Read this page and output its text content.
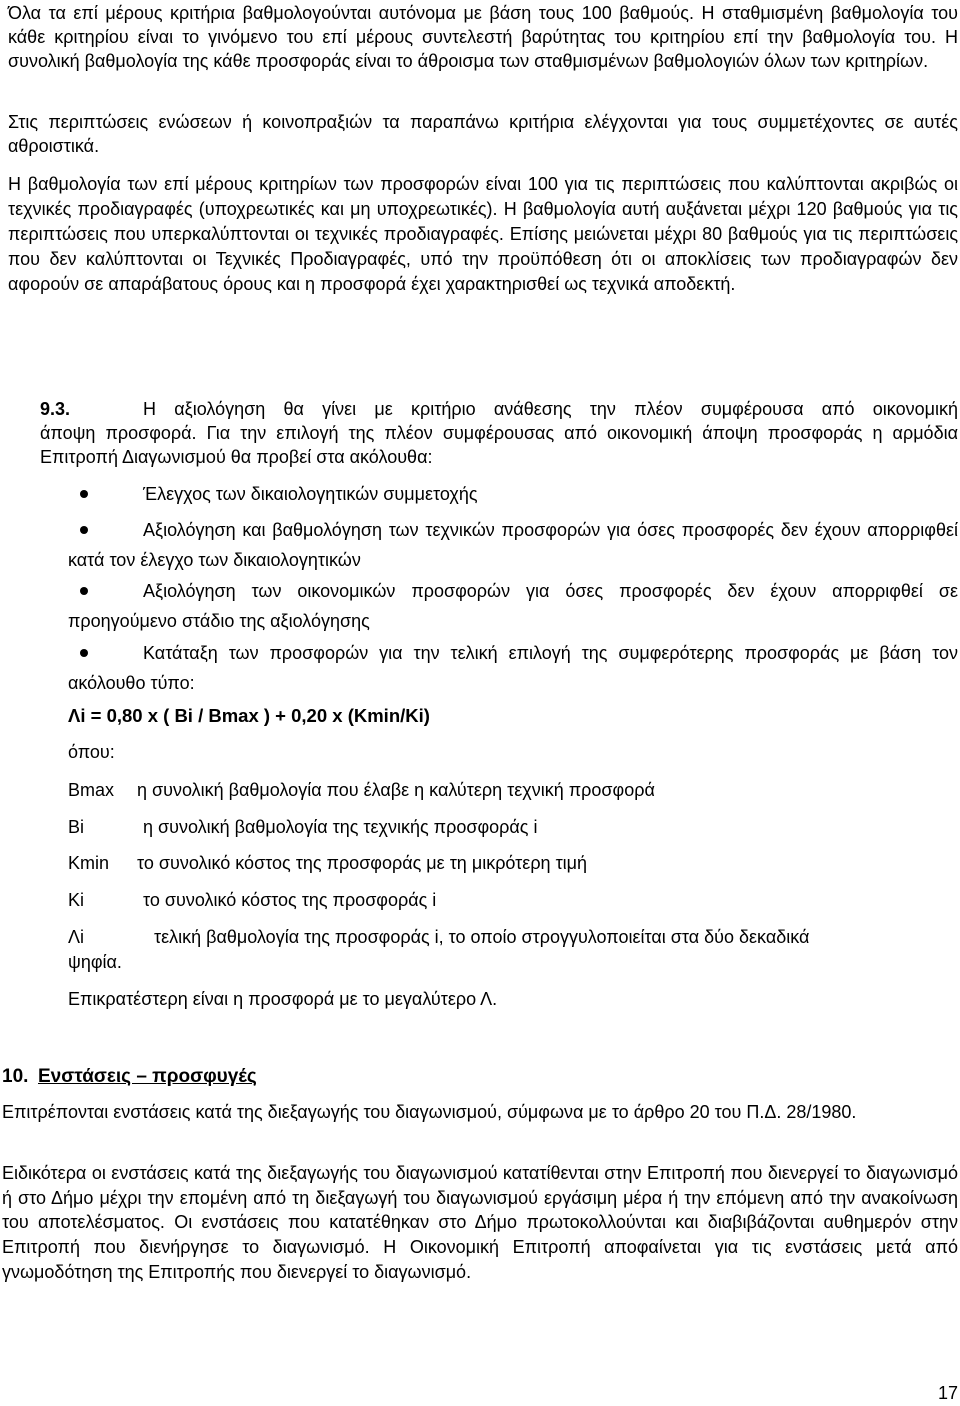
Όλα τα επί μέρους κριτήρια βαθμολογούνται αυτόνομα με βάση τους 100 βαθμούς. Η σταθμισμένη βαθμολογία του κάθε κριτηρίου είναι το γινόμενο του επί μέρους συντελεστή βαρύτητας του κριτηρίου επί την βαθμολογία του. Η συνολική βαθμολογία της κάθε προσφοράς είναι το άθροισμα των σταθμισμένων βαθμολογιών όλων των κριτηρίων.

Στις περιπτώσεις ενώσεων ή κοινοπραξιών τα παραπάνω κριτήρια ελέγχονται για τους συμμετέχοντες σε αυτές αθροιστικά.

Η βαθμολογία των επί μέρους κριτηρίων των προσφορών είναι 100 για τις περιπτώσεις που καλύπτονται ακριβώς οι τεχνικές προδιαγραφές (υποχρεωτικές και μη υποχρεωτικές). Η βαθμολογία αυτή αυξάνεται μέχρι 120 βαθμούς για τις περιπτώσεις που υπερκαλύπτονται οι τεχνικές προδιαγραφές. Επίσης μειώνεται μέχρι 80 βαθμούς για τις περιπτώσεις που δεν καλύπτονται οι Τεχνικές Προδιαγραφές, υπό την προϋπόθεση ότι οι αποκλίσεις των προδιαγραφών δεν αφορούν σε απαράβατους όρους και η προσφορά έχει χαρακτηρισθεί ως τεχνικά αποδεκτή.

9.3.	Η αξιολόγηση θα γίνει με κριτήριο ανάθεσης την πλέον συμφέρουσα από οικονομική

άποψη προσφορά. Για την επιλογή της πλέον συμφέρουσας από οικονομική άποψη προσφοράς η αρμόδια Επιτροπή Διαγωνισμού θα προβεί στα ακόλουθα:

Έλεγχος των δικαιολογητικών συμμετοχής

Αξιολόγηση και βαθμολόγηση των τεχνικών προσφορών για όσες προσφορές δεν έχουν απορριφθεί κατά τον έλεγχο των δικαιολογητικών

Αξιολόγηση των οικονομικών προσφορών για όσες προσφορές δεν έχουν απορριφθεί σε προηγούμενο στάδιο της αξιολόγησης

Κατάταξη των προσφορών για την τελική επιλογή της συμφερότερης προσφοράς με βάση τον ακόλουθο τύπο:

Λi = 0,80 x ( Bi / Bmax ) + 0,20 x (Kmin/Ki)
όπου:
Bmax η συνολική βαθμολογία που έλαβε η καλύτερη τεχνική προσφορά
Bi	η συνολική βαθμολογία της τεχνικής προσφοράς i
Kmin το συνολικό κόστος της προσφοράς με τη μικρότερη τιμή
Ki	το συνολικό κόστος της προσφοράς i
Λi	τελική βαθμολογία της προσφοράς i, το οποίο στρογγυλοποιείται στα δύο δεκαδικά
ψηφία.
Επικρατέστερη είναι η προσφορά με το μεγαλύτερο Λ.
10. Ενστάσεις – προσφυγές

Επιτρέπονται ενστάσεις κατά της διεξαγωγής του διαγωνισμού, σύμφωνα με το άρθρο 20 του Π.Δ. 28/1980.

Ειδικότερα οι ενστάσεις κατά της διεξαγωγής του διαγωνισμού κατατίθενται στην Επιτροπή που διενεργεί το διαγωνισμό ή στο Δήμο μέχρι την επομένη από τη διεξαγωγή του διαγωνισμού εργάσιμη μέρα ή την επόμενη από την ανακοίνωση του αποτελέσματος. Οι ενστάσεις που κατατέθηκαν στο Δήμο πρωτοκολλούνται και διαβιβάζονται αυθημερόν στην Επιτροπή που διενήργησε το διαγωνισμό. Η Οικονομική Επιτροπή αποφαίνεται για τις ενστάσεις μετά από γνωμοδότηση της Επιτροπής που διενεργεί το διαγωνισμό.

17
